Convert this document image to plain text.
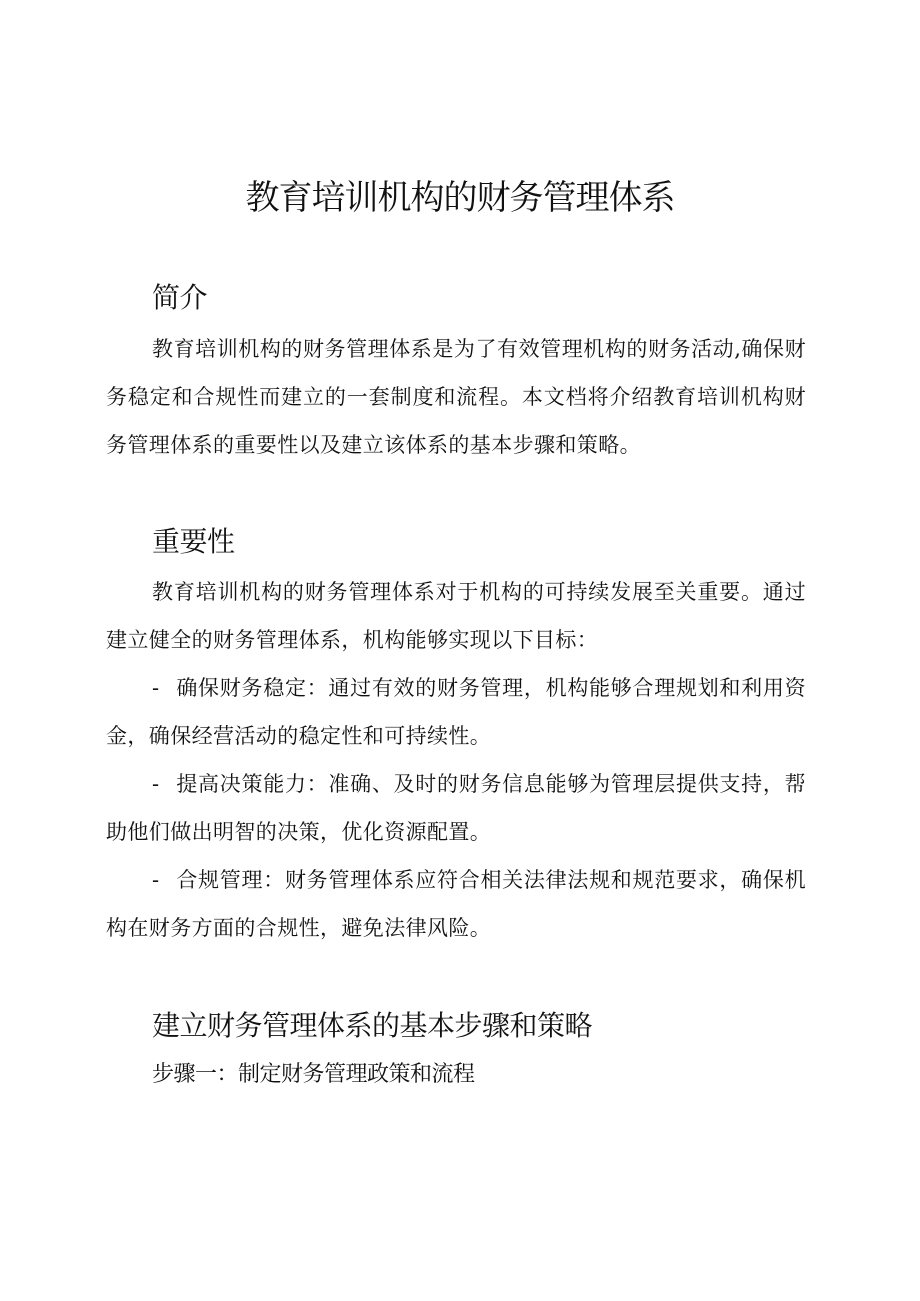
教育培训机构的财务管理体系
简介

教育培训机构的财务管理体系是为了有效管理机构的财务活动,确保财务稳定和合规性而建立的一套制度和流程。本文档将介绍教育培训机构财务管理体系的重要性以及建立该体系的基本步骤和策略。

重要性

教育培训机构的财务管理体系对于机构的可持续发展至关重要。通过建立健全的财务管理体系，机构能够实现以下目标：

- 确保财务稳定：通过有效的财务管理，机构能够合理规划和利用资金，确保经营活动的稳定性和可持续性。

- 提高决策能力：准确、及时的财务信息能够为管理层提供支持，帮助他们做出明智的决策，优化资源配置。

- 合规管理：财务管理体系应符合相关法律法规和规范要求，确保机构在财务方面的合规性，避免法律风险。

建立财务管理体系的基本步骤和策略
步骤一：制定财务管理政策和流程
